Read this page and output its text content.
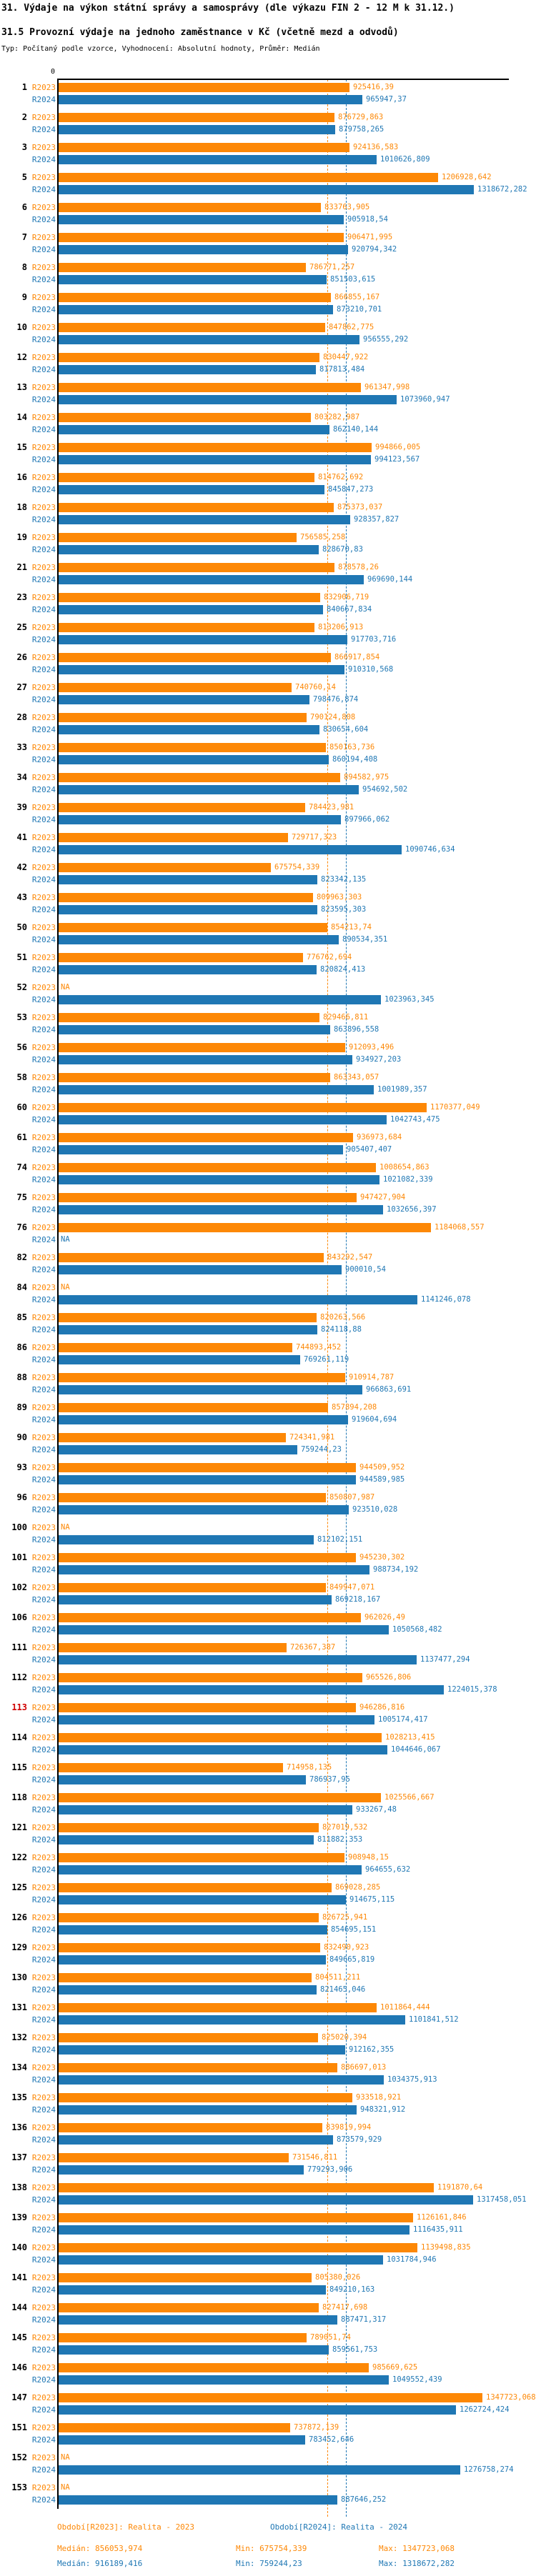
31. Výdaje na výkon státní správy a samosprávy (dle výkazu FIN 2 - 12 M k 31.12.)
31.5 Provozní výdaje na jednoho zaměstnance v Kč (včetně mezd a odvodů)
Typ: Počítaný podle vzorce, Vyhodnocení: Absolutní hodnoty, Průměr: Medián
0
1 R2023	925416,39
R2024	965947,37
2 R2023	876729,863
R2024	879758,265
3 R2023	924136,583
R2024	1010626,809
5 R2023	1206928,642
R2024	1318672,282
6 R2023	833763,905
R2024	905918,54
7 R2023	906471,995
R2024	920794,342
8 R2023	786771,257
R2024	851503,615
9 R2023	866855,167
R2024	873210,701
10 R2023	847862,775
R2024	956555,292
12 R2023	830447,922
R2024	817813,484
13 R2023	961347,998
R2024	1073960,947
14 R2023	803282,987
R2024	862140,144
15 R2023	994866,005
R2024	994123,567
16 R2023	814762,692
R2024	845847,273
18 R2023	875373,037
R2024	928357,827
19 R2023	756585,258
R2024	828670,83
21 R2023	878578,26
R2024	969690,144
23 R2023	832906,719
R2024	840667,834
25 R2023	813206,913
R2024	917703,716
26 R2023	866917,854
R2024	910310,568
27 R2023	740760,14
R2024	798476,874
28 R2023	790124,808
R2024	830654,604
33 R2023	850163,736
R2024	860194,408
34 R2023	894582,975
R2024	954692,502
39 R2023	784423,981
R2024	897966,062
41 R2023	729717,323
R2024	1090746,634
42 R2023	675754,339
R2024	823342,135
43 R2023	809963,303
R2024	823595,303
50 R2023	854213,74
R2024	890534,351
51 R2023	776762,694
R2024	820824,413
52 R2023 NA
R2024	1023963,345
53 R2023	829466,811
R2024	863896,558
56 R2023	912093,496
R2024	934927,203
58 R2023	863343,057
R2024	1001989,357
60 R2023	1170377,049
R2024	1042743,475
61 R2023	936973,684
R2024	905407,407
74 R2023	1008654,863
R2024	1021082,339
75 R2023	947427,904
R2024	1032656,397
76 R2023	1184068,557
R2024 NA
82 R2023	843292,547
R2024	900010,54
84 R2023 NA
R2024	1141246,078
85 R2023	820263,566
R2024	824118,88
86 R2023	744893,452
R2024	769261,119
88 R2023	910914,787
R2024	966863,691
89 R2023	857894,208
R2024	919604,694
90 R2023	724341,981
R2024	759244,23
93 R2023	944509,952
R2024	944589,985
96 R2023	850807,987
R2024	923510,028
100 R2023 NA
R2024	812102,151
101 R2023	945230,302
R2024	988734,192
102 R2023	849947,071
R2024	869218,167
106 R2023	962026,49
R2024	1050568,482
111 R2023	726367,387
R2024	1137477,294
112 R2023	965526,806
R2024	1224015,378
113 R2023	946286,816
R2024	1005174,417
114 R2023	1028213,415
R2024	1044646,067
115 R2023	714958,135
R2024	786937,95
118 R2023	1025566,667
R2024	933267,48
121 R2023	827019,532
R2024	811882,353
122 R2023	908948,15
R2024	964655,632
125 R2023	869028,285
R2024	914675,115
126 R2023	826725,941
R2024	854695,151
129 R2023	832490,923
R2024	849665,819
130 R2023	804511,211
R2024	821465,046
131 R2023	1011864,444
R2024	1101841,512
132 R2023	825020,394
R2024	912162,355
134 R2023	886697,013
R2024	1034375,913
135 R2023	933518,921
R2024	948321,912
136 R2023	839819,994
R2024	873579,929
137 R2023	731546,811
R2024	779293,906
138 R2023	1191870,64
R2024	1317458,051
139 R2023	1126161,846
R2024	1116435,911
140 R2023	1139498,835
R2024	1031784,946
141 R2023	805380,026
R2024	849210,163
144 R2023	827417,698
R2024	887471,317
145 R2023	789051,74
R2024	859561,753
146 R2023	985669,625
R2024	1049552,439
147 R2023	1347723,068
R2024	1262724,424
151 R2023	737872,139
R2024	783452,646
152 R2023 NA
R2024	1276758,274
153 R2023 NA
R2024	887646,252
Období[R2023]: Realita - 2023	Období[R2024]: Realita - 2024
Medián: 856053,974	Min: 675754,339	Max: 1347723,068
Medián: 916189,416	Min: 759244,23	Max: 1318672,282
